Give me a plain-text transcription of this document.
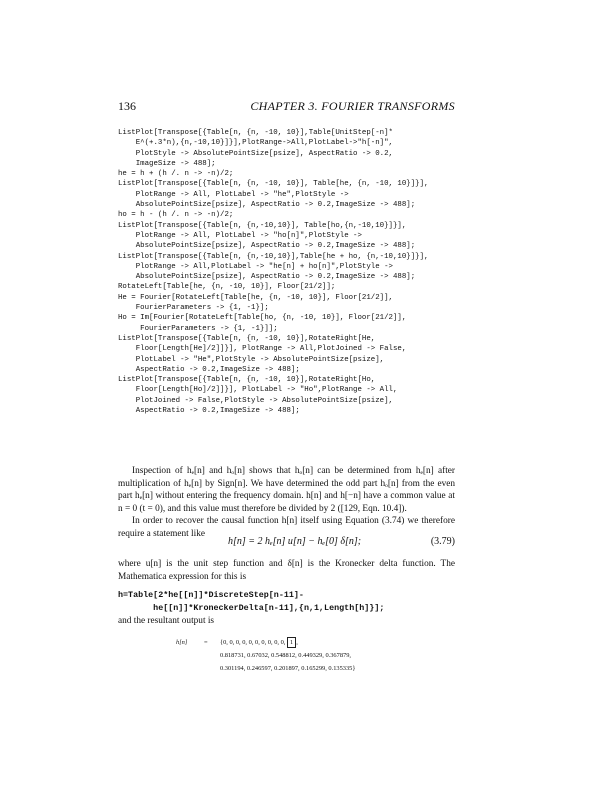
136	CHAPTER 3. FOURIER TRANSFORMS
ListPlot[Transpose[{Table[n, {n, -10, 10}],Table[UnitStep[-n]*
E^(+.3*n),{n,-10,10}]}],PlotRange->All,PlotLabel->"h[-n]",
PlotStyle -> AbsolutePointSize[psize], AspectRatio -> 0.2,
ImageSize -> 488];
he = h + (h /. n -> -n)/2;
ListPlot[Transpose[{Table[n, {n, -10, 10}], Table[he, {n, -10, 10}]}],
PlotRange -> All, PlotLabel -> "he",PlotStyle ->
AbsolutePointSize[psize], AspectRatio -> 0.2,ImageSize -> 488];
ho = h - (h /. n -> -n)/2;
ListPlot[Transpose[{Table[n, {n,-10,10}], Table[ho,{n,-10,10}]}],
PlotRange -> All, PlotLabel -> "ho[n]",PlotStyle ->
AbsolutePointSize[psize], AspectRatio -> 0.2,ImageSize -> 488];
ListPlot[Transpose[{Table[n, {n,-10,10}],Table[he + ho, {n,-10,10}]}],
PlotRange -> All,PlotLabel -> "he[n] + ho[n]",PlotStyle ->
AbsolutePointSize[psize], AspectRatio -> 0.2,ImageSize -> 488];
RotateLeft[Table[he, {n, -10, 10}], Floor[21/2]];
He = Fourier[RotateLeft[Table[he, {n, -10, 10}], Floor[21/2]],
FourierParameters -> {1, -1}];
Ho = Im[Fourier[RotateLeft[Table[ho, {n, -10, 10}], Floor[21/2]],
FourierParameters -> {1, -1}]];
ListPlot[Transpose[{Table[n, {n, -10, 10}],RotateRight[He,
Floor[Length[He]/2]]}], PlotRange -> All,PlotJoined -> False,
PlotLabel -> "He",PlotStyle -> AbsolutePointSize[psize],
AspectRatio -> 0.2,ImageSize -> 488];
ListPlot[Transpose[{Table[n, {n, -10, 10}],RotateRight[Ho,
Floor[Length[Ho]/2]]}], PlotLabel -> "Ho",PlotRange -> All,
PlotJoined -> False,PlotStyle -> AbsolutePointSize[psize],
AspectRatio -> 0.2,ImageSize -> 488];
Inspection of hₑ[n] and hₒ[n] shows that hₒ[n] can be determined from hₑ[n] after multiplication of hₑ[n] by Sign[n]. We have determined the odd part hₒ[n] from the even part hₑ[n] without entering the frequency domain. h[n] and h[−n] have a common value at n = 0 (t = 0), and this value must therefore be divided by 2 ([129, Eqn. 10.4]).
In order to recover the causal function h[n] itself using Equation (3.74) we therefore require a statement like
h[n] = 2 hₑ[n] u[n] − hₑ[0] δ[n];	(3.79)
where u[n] is the unit step function and δ[n] is the Kronecker delta function. The Mathematica expression for this is
h=Table[2*he[[n]]*DiscreteStep[n-11]-
he[[n]]*KroneckerDelta[n-11],{n,1,Length[h]}];
and the resultant output is
h[n]	= {0, 0, 0, 0, 0, 0, 0, 0, 0, 0, 1 ,
0.818731, 0.67032, 0.548812, 0.449329, 0.367879,
0.301194, 0.246597, 0.201897, 0.165299, 0.135335}
